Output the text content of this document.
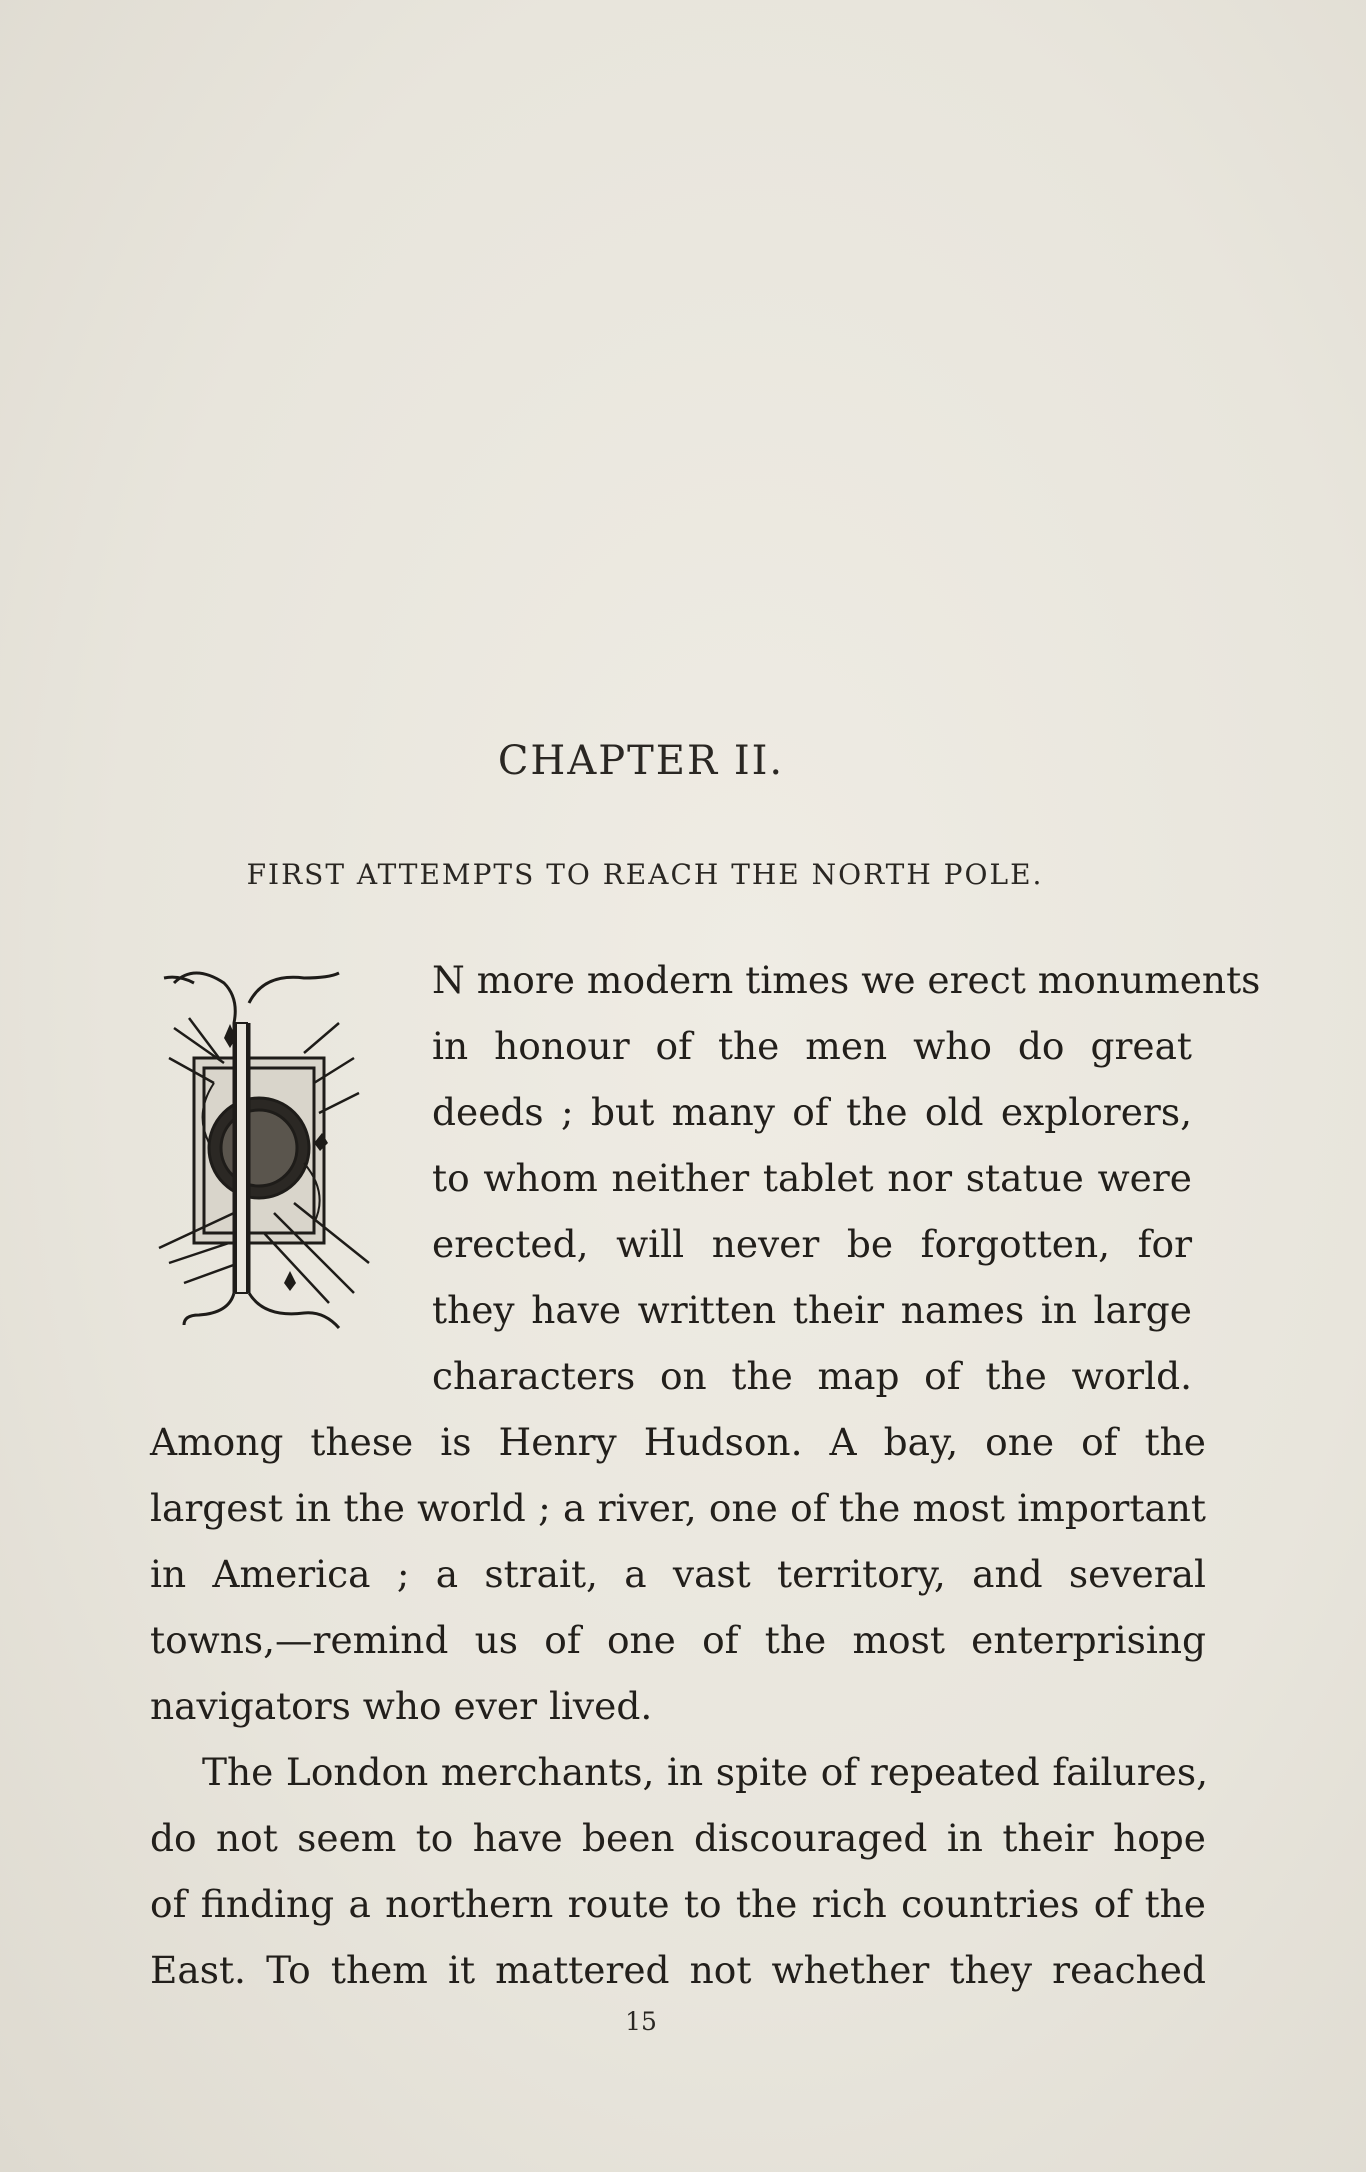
CHAPTER II.
FIRST ATTEMPTS TO REACH THE NORTH POLE.
N more modern times we erect monuments
in honour of the men who do great
deeds ; but many of the old explorers,
to whom neither tablet nor statue were
erected, will never be forgotten, for
they have written their names in large
characters on the map of the world.
Among these is Henry Hudson. A bay, one of the
largest in the world ; a river, one of the most important
in America ; a strait, a vast territory, and several
towns,—remind us of one of the most enterprising
navigators who ever lived.
The London merchants, in spite of repeated failures,
do not seem to have been discouraged in their hope
of finding a northern route to the rich countries of the
East. To them it mattered not whether they reached
15
